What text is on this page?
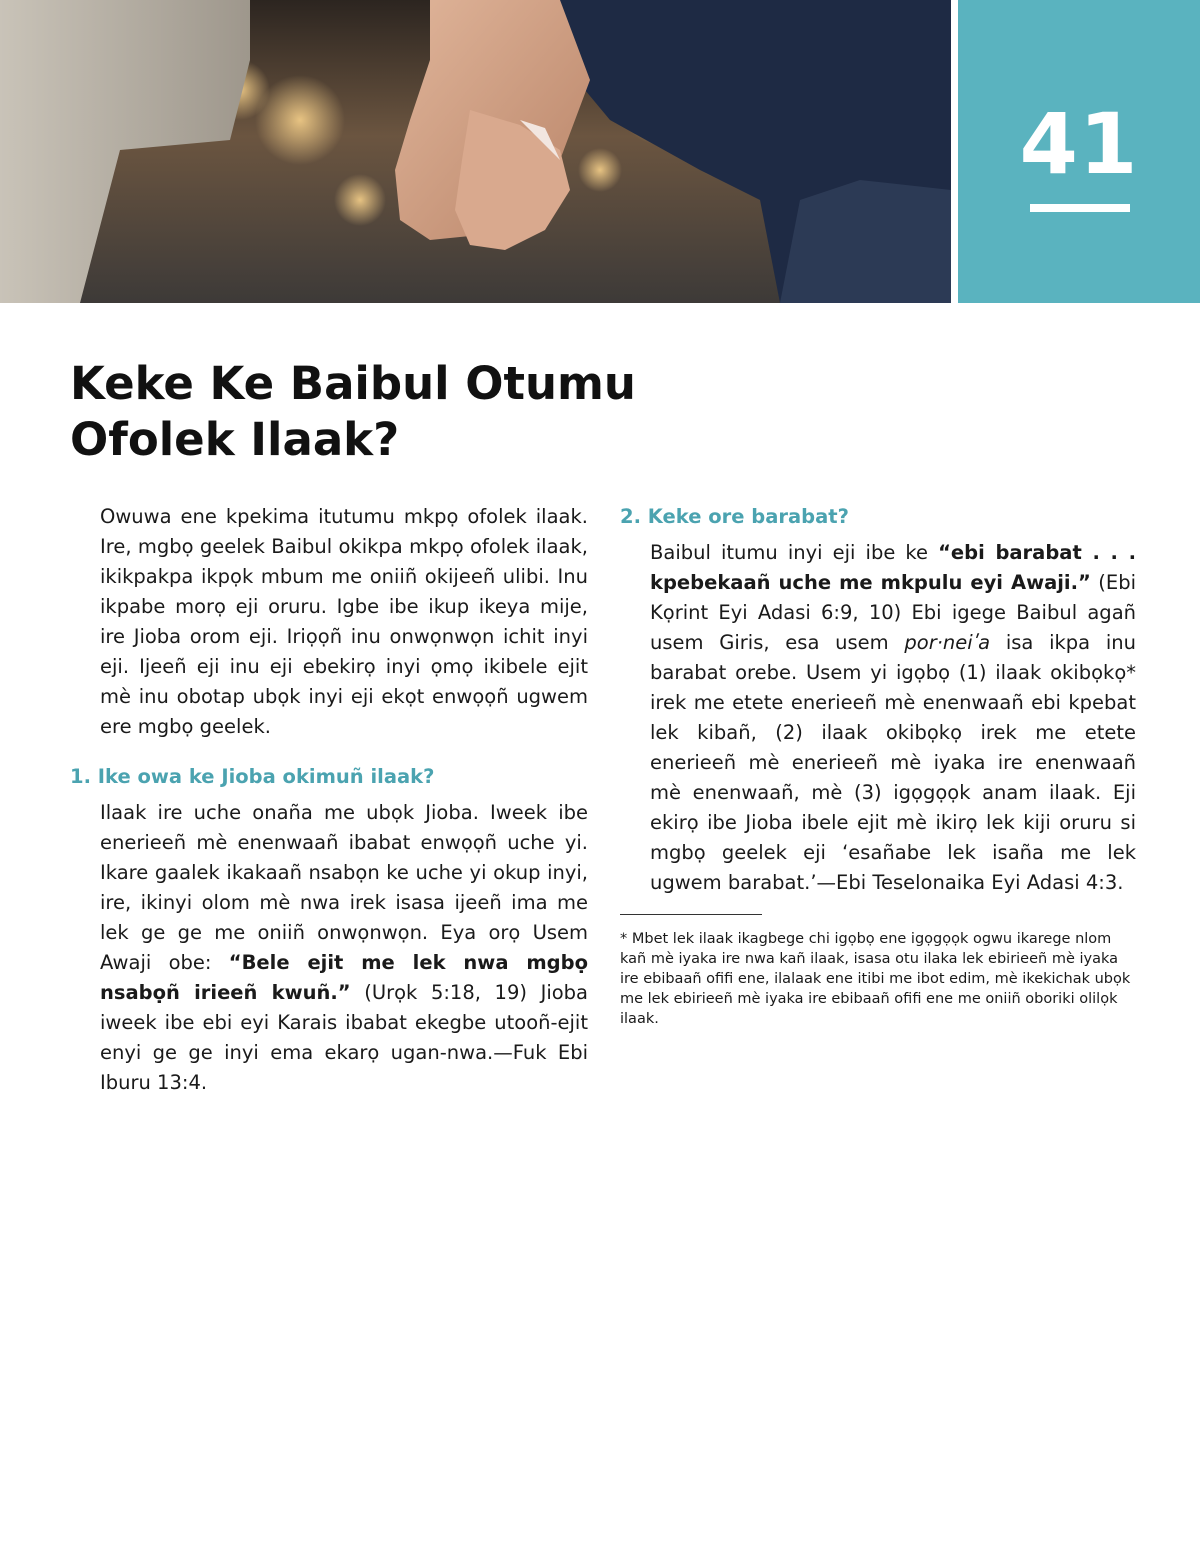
41
Keke Ke Baibul Otumu
Ofolek Ilaak?

Owuwa ene kpekima itutumu mkpọ ofolek ilaak. Ire, mgbọ geelek Baibul okikpa mkpọ ofolek ilaak, ikikpakpa ikpọk mbum me oniiñ okijeeñ ulibi. Inu ikpabe morọ eji oruru. Igbe ibe ikup ikeya mije, ire Jioba orom eji. Iriọọñ inu onwọnwọn ichit inyi eji. Ijeeñ eji inu eji ebekirọ inyi ọmọ ikibele ejit mè inu obotap ubọk inyi eji ekọt enwọọñ ugwem ere mgbọ geelek.

1. Ike owa ke Jioba okimuñ ilaak?

Ilaak ire uche onaña me ubọk Jioba. Iweek ibe enerieeñ mè enenwaañ ibabat enwọọñ uche yi. Ikare gaalek ikakaañ nsabọn ke uche yi okup inyi, ire, ikinyi olom mè nwa irek isasa ijeeñ ima me lek ge ge me oniiñ onwọnwọn. Eya orọ Usem Awaji obe: “Bele ejit me lek nwa mgbọ nsabọñ irieeñ kwuñ.” (Urọk 5:18, 19) Jioba iweek ibe ebi eyi Karais ibabat ekegbe utooñ-ejit enyi ge ge inyi ema ekarọ ugan-nwa.—Fuk Ebi Iburu 13:4.

2. Keke ore barabat?

Baibul itumu inyi eji ibe ke “ebi barabat . . . kpebekaañ uche me mkpulu eyi Awaji.” (Ebi Kọrint Eyi Adasi 6:9, 10) Ebi igege Baibul agañ usem Giris, esa usem por·neiʹa isa ikpa inu barabat orebe. Usem yi igọbọ (1) ilaak okibọkọ* irek me etete enerieeñ mè enenwaañ ebi kpebat lek kibañ, (2) ilaak okibọkọ irek me etete enerieeñ mè enerieeñ mè iyaka ire enenwaañ mè enenwaañ, mè (3) igọgọọk anam ilaak. Eji ekirọ ibe Jioba ibele ejit mè ikirọ lek kiji oruru si mgbọ geelek eji ‘esañabe lek isaña me lek ugwem barabat.’—Ebi Teselonaika Eyi Adasi 4:3.

* Mbet lek ilaak ikagbege chi igọbọ ene igọgọọk ogwu ikarege nlom kañ mè iyaka ire nwa kañ ilaak, isasa otu ilaka lek ebirieeñ mè iyaka ire ebibaañ ofifi ene, ilalaak ene itibi me ibot edim, mè ikekichak ubọk me lek ebirieeñ mè iyaka ire ebibaañ ofifi ene me oniiñ oboriki olilọk ilaak.
